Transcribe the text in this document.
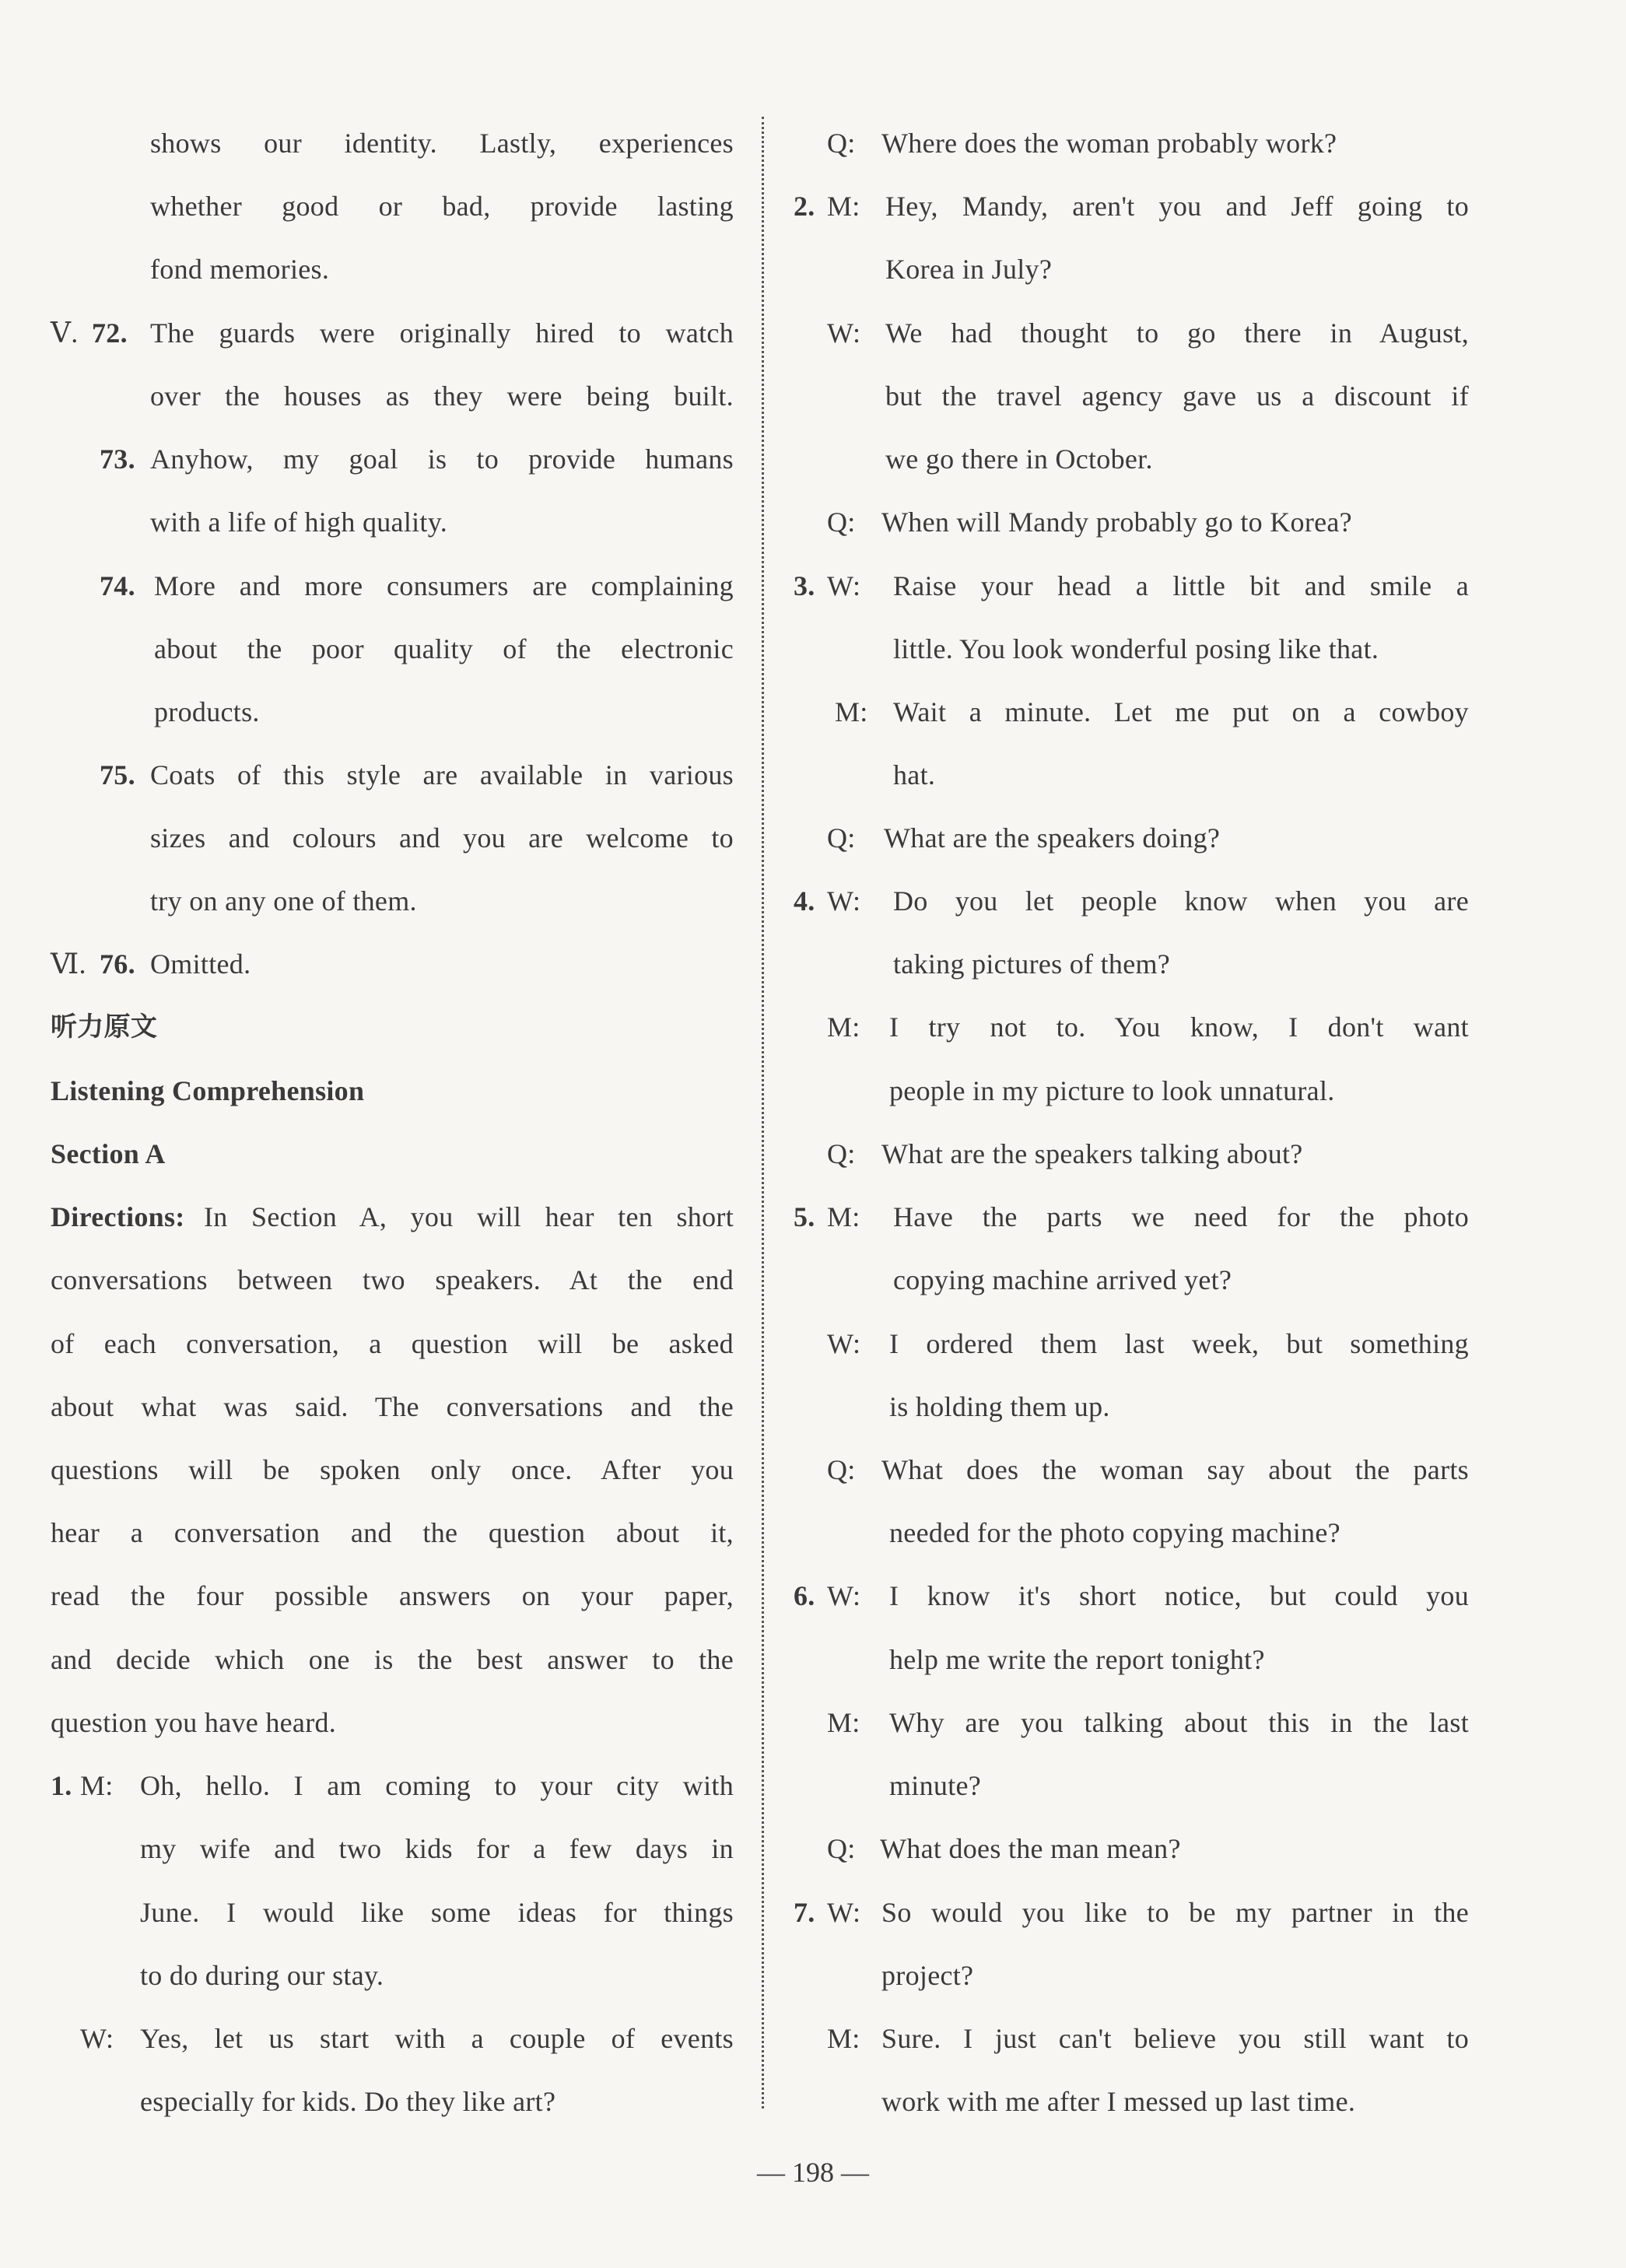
shows our identity. Lastly, experiences
whether good or bad, provide lasting
fond memories.
Ⅴ. 72. The guards were originally hired to watch
over the houses as they were being built.
73. Anyhow, my goal is to provide humans
with a life of high quality.
74. More and more consumers are complaining
about the poor quality of the electronic
products.
75. Coats of this style are available in various
sizes and colours and you are welcome to
try on any one of them.
Ⅵ. 76. Omitted.
听力原文
Listening Comprehension
Section A
Directions: In Section A, you will hear ten short
conversations between two speakers. At the end
of each conversation, a question will be asked
about what was said. The conversations and the
questions will be spoken only once. After you
hear a conversation and the question about it,
read the four possible answers on your paper,
and decide which one is the best answer to the
question you have heard.
1. M: Oh, hello. I am coming to your city with
my wife and two kids for a few days in
June. I would like some ideas for things
to do during our stay.
W: Yes, let us start with a couple of events
especially for kids. Do they like art?
Q: Where does the woman probably work?
2. M: Hey, Mandy, aren't you and Jeff going to
Korea in July?
W: We had thought to go there in August,
but the travel agency gave us a discount if
we go there in October.
Q: When will Mandy probably go to Korea?
3. W: Raise your head a little bit and smile a
little. You look wonderful posing like that.
M: Wait a minute. Let me put on a cowboy
hat.
Q: What are the speakers doing?
4. W: Do you let people know when you are
taking pictures of them?
M: I try not to. You know, I don't want
people in my picture to look unnatural.
Q: What are the speakers talking about?
5. M: Have the parts we need for the photo
copying machine arrived yet?
W: I ordered them last week, but something
is holding them up.
Q: What does the woman say about the parts
needed for the photo copying machine?
6. W: I know it's short notice, but could you
help me write the report tonight?
M: Why are you talking about this in the last
minute?
Q: What does the man mean?
7. W: So would you like to be my partner in the
project?
M: Sure. I just can't believe you still want to
work with me after I messed up last time.
— 198 —
